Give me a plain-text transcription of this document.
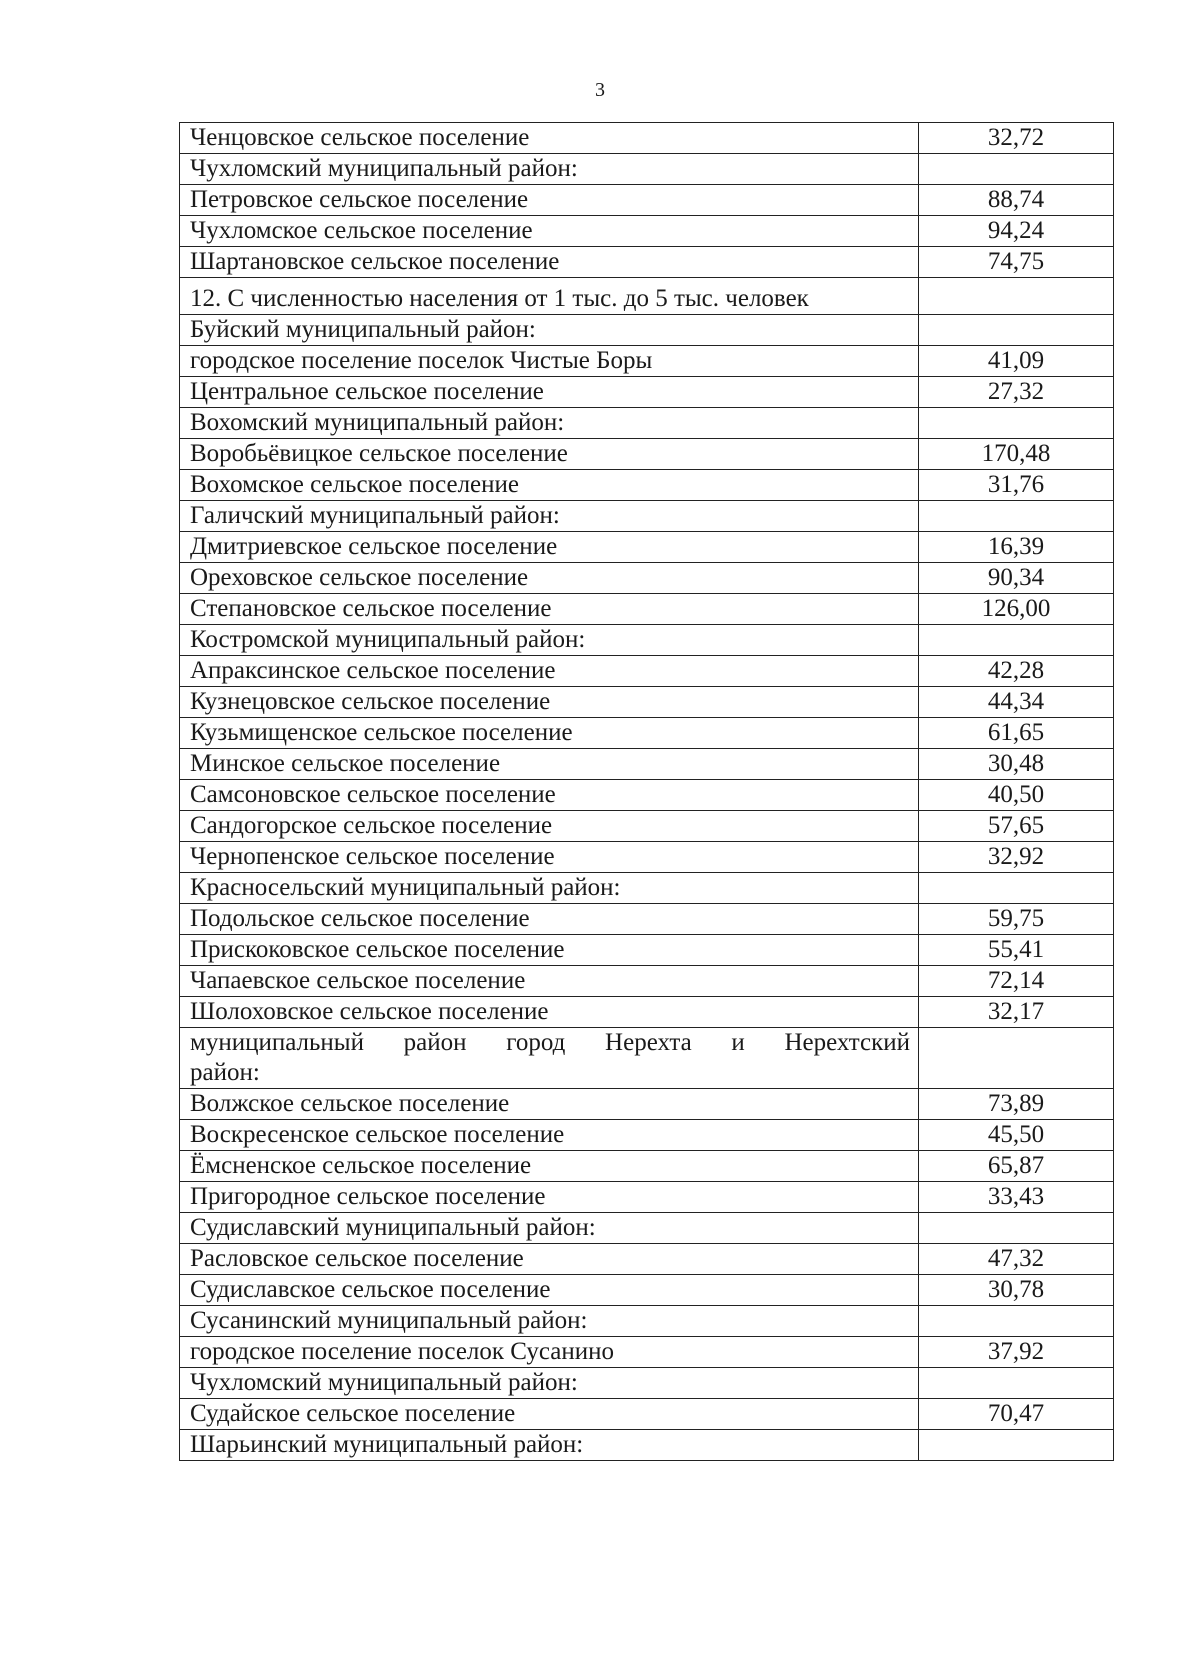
3
Ченцовское сельское поселение	32,72
Чухломский муниципальный район:	
Петровское сельское поселение	88,74
Чухломское сельское поселение	94,24
Шартановское сельское поселение	74,75
12. С численностью населения от 1 тыс. до 5 тыс. человек	
Буйский муниципальный район:	
городское поселение поселок Чистые Боры	41,09
Центральное сельское поселение	27,32
Вохомский муниципальный район:	
Воробьёвицкое сельское поселение	170,48
Вохомское сельское поселение	31,76
Галичский муниципальный район:	
Дмитриевское сельское поселение	16,39
Ореховское сельское поселение	90,34
Степановское сельское поселение	126,00
Костромской муниципальный район:	
Апраксинское сельское поселение	42,28
Кузнецовское сельское поселение	44,34
Кузьмищенское сельское поселение	61,65
Минское сельское поселение	30,48
Самсоновское сельское поселение	40,50
Сандогорское сельское поселение	57,65
Чернопенское сельское поселение	32,92
Красносельский муниципальный район:	
Подольское сельское поселение	59,75
Прискоковское сельское поселение	55,41
Чапаевское сельское поселение	72,14
Шолоховское сельское поселение	32,17
муниципальный район город Нерехта и Нерехтский
район:	

Волжское сельское поселение	73,89
Воскресенское сельское поселение	45,50
Ёмсненское сельское поселение	65,87
Пригородное сельское поселение	33,43
Судиславский муниципальный район:	
Расловское сельское поселение	47,32
Судиславское сельское поселение	30,78
Сусанинский муниципальный район:	
городское поселение поселок Сусанино	37,92
Чухломский муниципальный район:	
Судайское сельское поселение	70,47
Шарьинский муниципальный район:	
